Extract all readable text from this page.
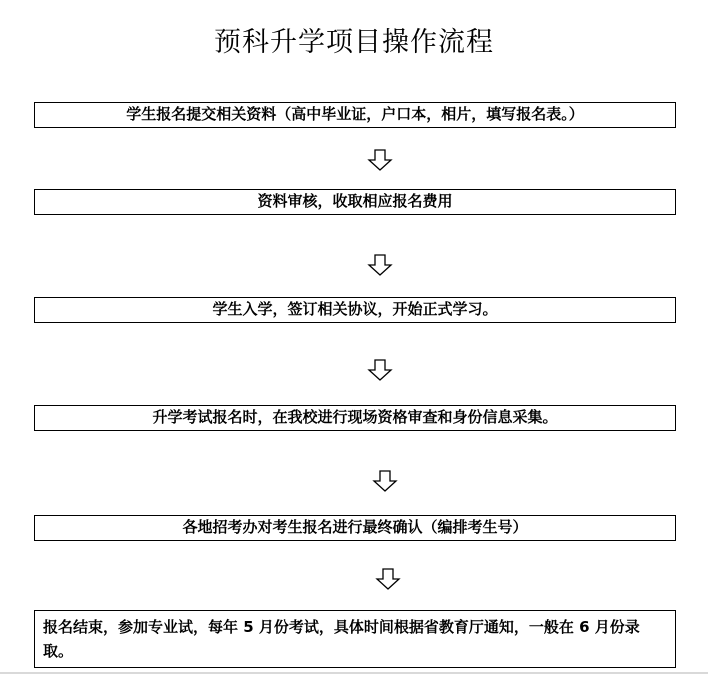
预科升学项目操作流程
学生报名提交相关资料（高中毕业证，户口本，相片，填写报名表。）
资料审核，收取相应报名费用
学生入学，签订相关协议，开始正式学习。
升学考试报名时，在我校进行现场资格审查和身份信息采集。
各地招考办对考生报名进行最终确认（编排考生号）
报名结束，参加专业试，每年 5 月份考试，具体时间根据省教育厅通知，一般在 6 月份录取。
